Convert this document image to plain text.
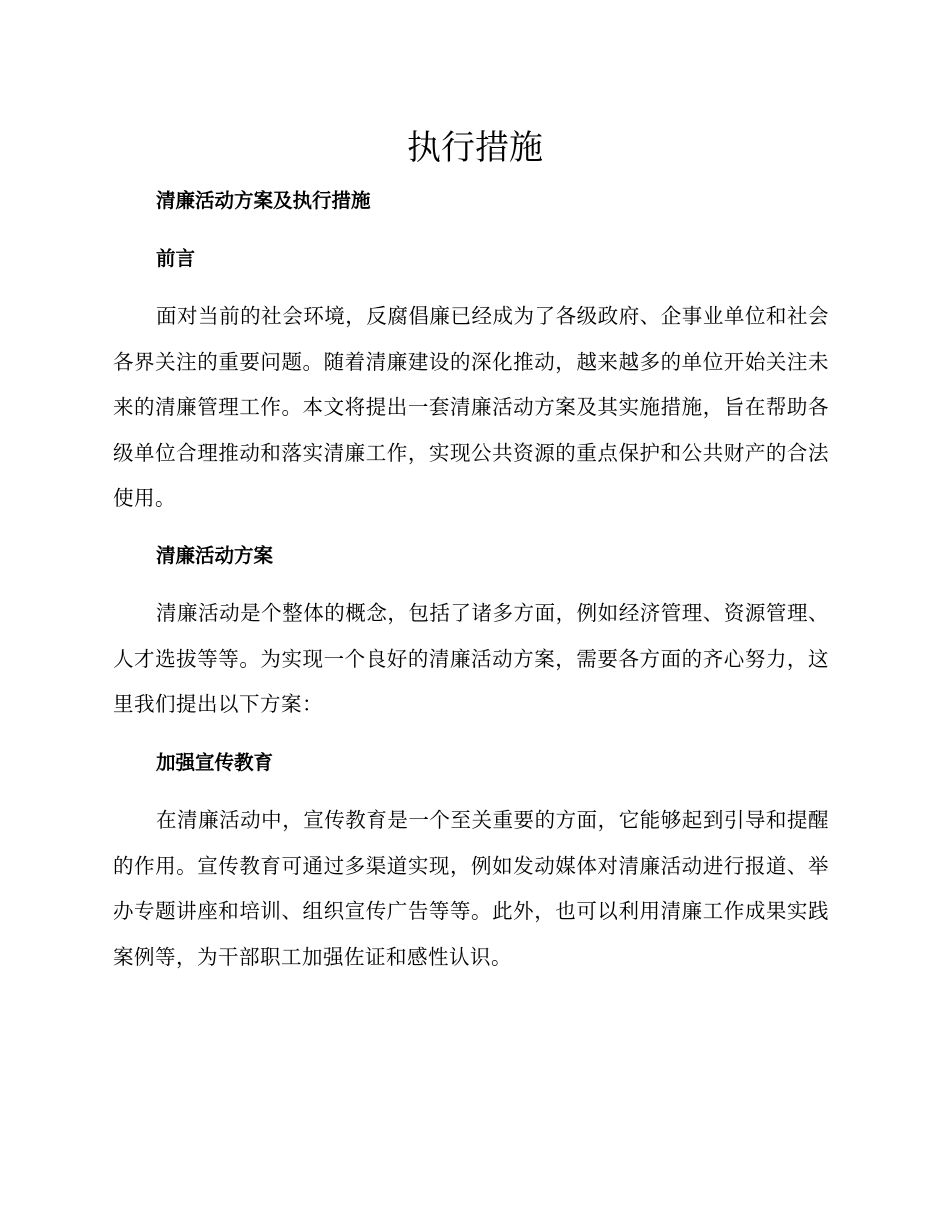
执行措施
清廉活动方案及执行措施
前言

面对当前的社会环境，反腐倡廉已经成为了各级政府、企事业单位和社会各界关注的重要问题。随着清廉建设的深化推动，越来越多的单位开始关注未来的清廉管理工作。本文将提出一套清廉活动方案及其实施措施，旨在帮助各级单位合理推动和落实清廉工作，实现公共资源的重点保护和公共财产的合法使用。

清廉活动方案

清廉活动是个整体的概念，包括了诸多方面，例如经济管理、资源管理、人才选拔等等。为实现一个良好的清廉活动方案，需要各方面的齐心努力，这里我们提出以下方案：

加强宣传教育

在清廉活动中，宣传教育是一个至关重要的方面，它能够起到引导和提醒的作用。宣传教育可通过多渠道实现，例如发动媒体对清廉活动进行报道、举办专题讲座和培训、组织宣传广告等等。此外，也可以利用清廉工作成果实践案例等，为干部职工加强佐证和感性认识。
